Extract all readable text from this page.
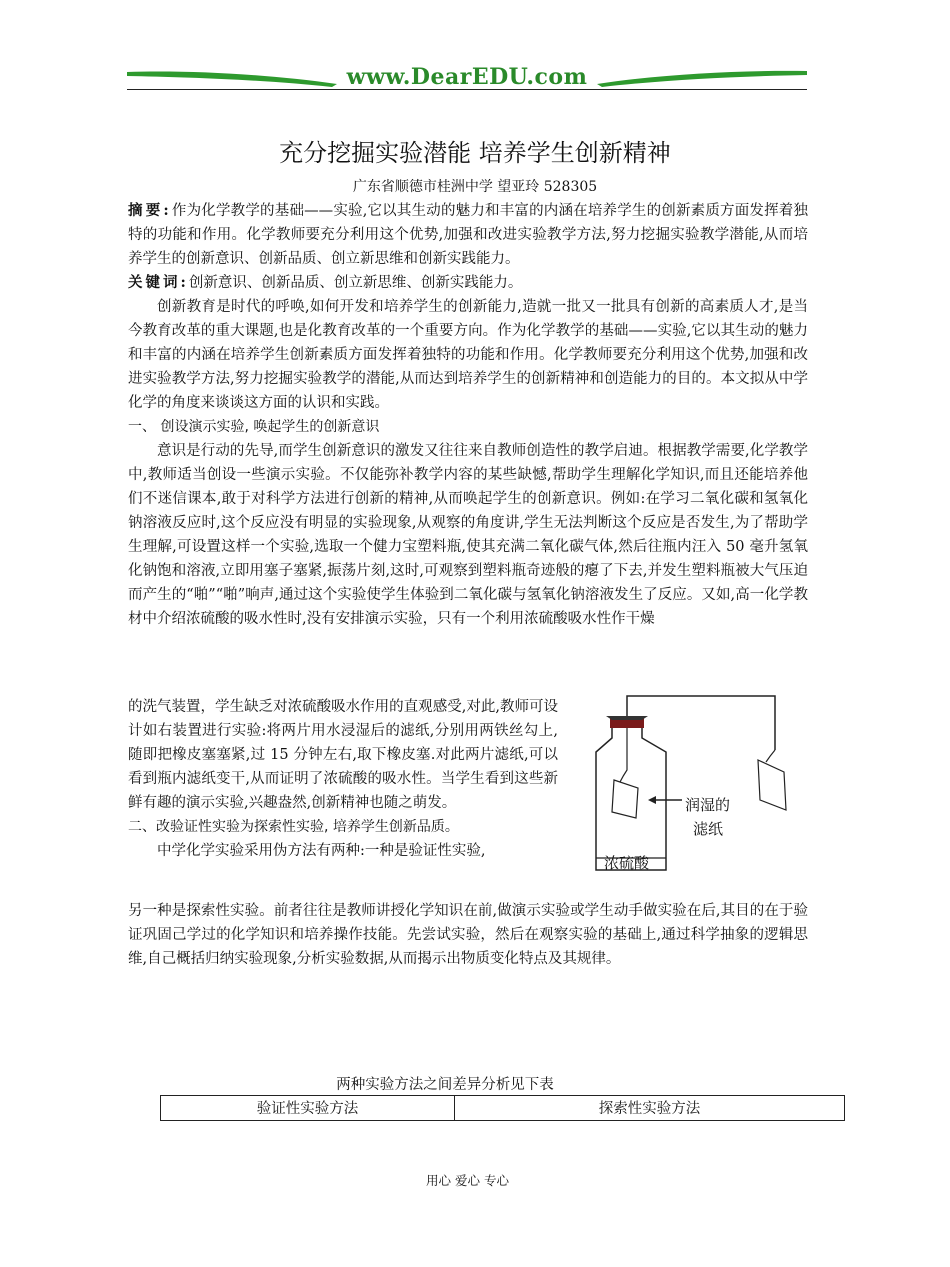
www.DearEDU.com
充分挖掘实验潜能 培养学生创新精神
广东省顺德市桂洲中学 望亚玲 528305

摘要:作为化学教学的基础——实验,它以其生动的魅力和丰富的内涵在培养学生的创新素质方面发挥着独特的功能和作用。化学教师要充分利用这个优势,加强和改进实验教学方法,努力挖掘实验教学潜能,从而培养学生的创新意识、创新品质、创立新思维和创新实践能力。

关键词:创新意识、创新品质、创立新思维、创新实践能力。

创新教育是时代的呼唤,如何开发和培养学生的创新能力,造就一批又一批具有创新的高素质人才,是当今教育改革的重大课题,也是化教育改革的一个重要方向。作为化学教学的基础——实验,它以其生动的魅力和丰富的内涵在培养学生创新素质方面发挥着独特的功能和作用。化学教师要充分利用这个优势,加强和改进实验教学方法,努力挖掘实验教学的潜能,从而达到培养学生的创新精神和创造能力的目的。本文拟从中学化学的角度来谈谈这方面的认识和实践。

一、 创设演示实验, 唤起学生的创新意识

意识是行动的先导,而学生创新意识的激发又往往来自教师创造性的教学启迪。根据教学需要,化学教学中,教师适当创设一些演示实验。不仅能弥补教学内容的某些缺憾,帮助学生理解化学知识,而且还能培养他们不迷信课本,敢于对科学方法进行创新的精神,从而唤起学生的创新意识。例如:在学习二氧化碳和氢氧化钠溶液反应时,这个反应没有明显的实验现象,从观察的角度讲,学生无法判断这个反应是否发生,为了帮助学生理解,可设置这样一个实验,选取一个健力宝塑料瓶,使其充满二氧化碳气体,然后往瓶内汪入 50 毫升氢氧化钠饱和溶液,立即用塞子塞紧,振荡片刻,这时,可观察到塑料瓶奇迹般的瘪了下去,并发生塑料瓶被大气压迫而产生的“啪”“啪”响声,通过这个实验使学生体验到二氧化碳与氢氧化钠溶液发生了反应。又如,高一化学教材中介绍浓硫酸的吸水性时,没有安排演示实验，只有一个利用浓硫酸吸水性作干燥

的洗气装置，学生缺乏对浓硫酸吸水作用的直观感受,对此,教师可设计如右装置进行实验:将两片用水浸湿后的滤纸,分别用两铁丝勾上,随即把橡皮塞塞紧,过 15 分钟左右,取下橡皮塞.对此两片滤纸,可以看到瓶内滤纸变干,从而证明了浓硫酸的吸水性。当学生看到这些新鲜有趣的演示实验,兴趣盎然,创新精神也随之萌发。

二、改验证性实验为探索性实验, 培养学生创新品质。

中学化学实验采用伪方法有两种:一种是验证性实验,

润湿的
滤纸
浓硫酸

另一种是探索性实验。前者往往是教师讲授化学知识在前,做演示实验或学生动手做实验在后,其目的在于验证巩固己学过的化学知识和培养操作技能。先尝试实验，然后在观察实验的基础上,通过科学抽象的逻辑思维,自己概括归纳实验现象,分析实验数据,从而揭示出物质变化特点及其规律。

两种实验方法之间差异分析见下表
验证性实验方法	探索性实验方法
用心 爱心 专心
